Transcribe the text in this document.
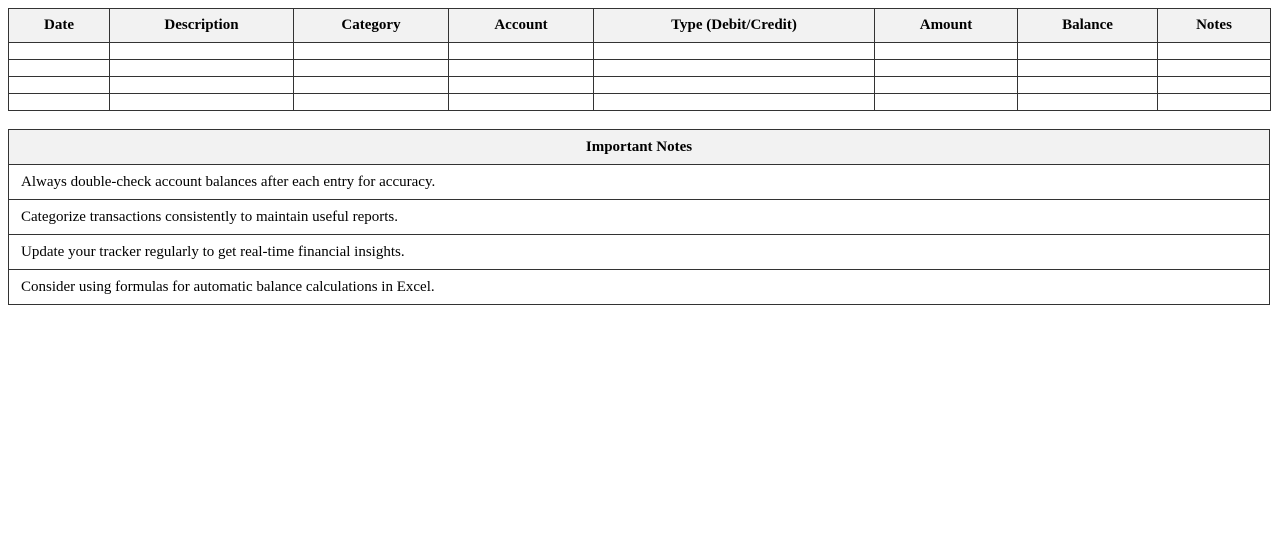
Date	Description	Category	Account	Type (Debit/Credit)	Amount	Balance	Notes

Important Notes
Always double-check account balances after each entry for accuracy.
Categorize transactions consistently to maintain useful reports.
Update your tracker regularly to get real-time financial insights.
Consider using formulas for automatic balance calculations in Excel.
